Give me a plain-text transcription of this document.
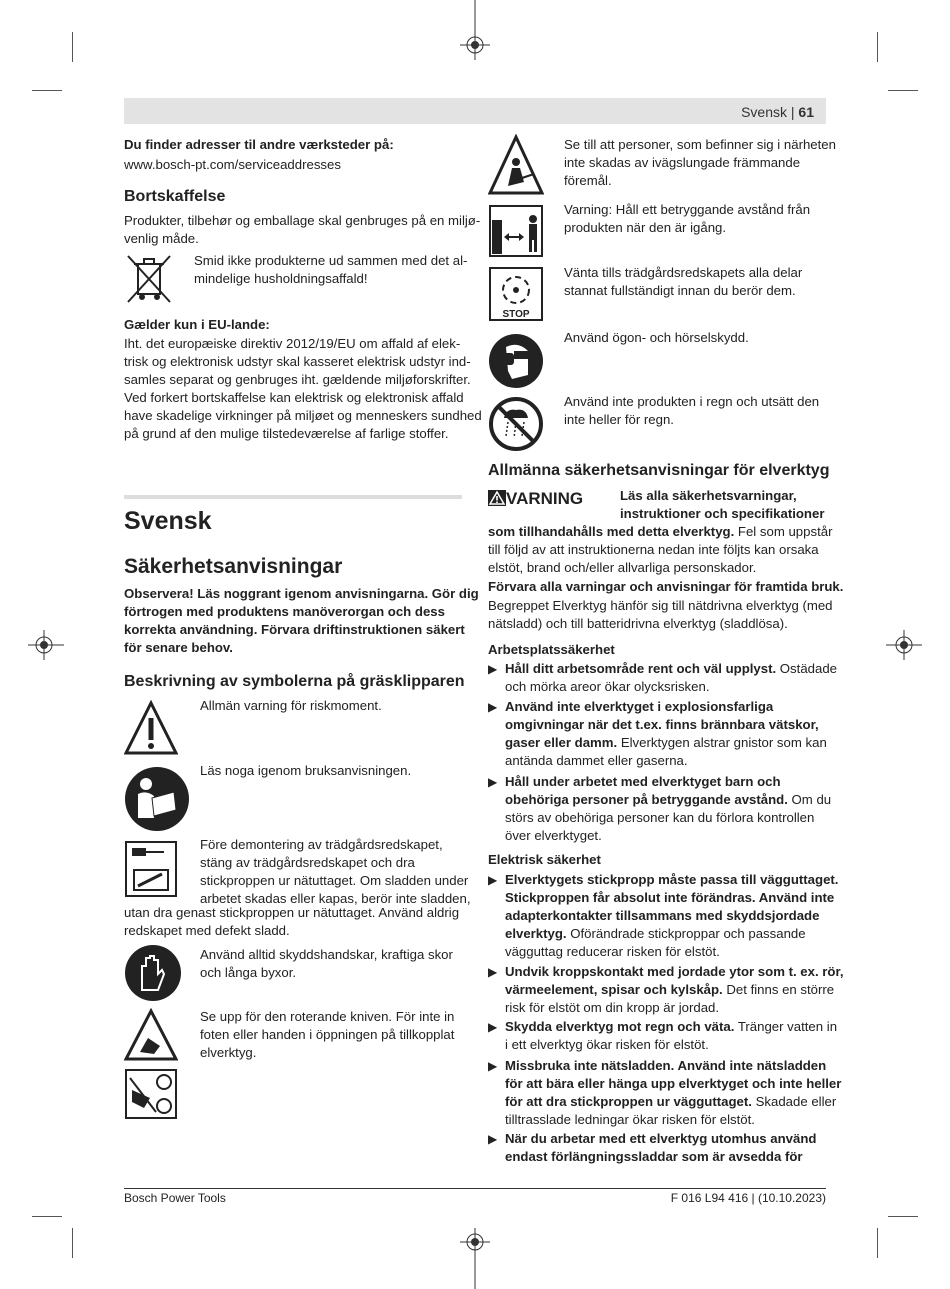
Svensk | 61
Du finder adresser til andre værksteder på:
www.bosch-pt.com/serviceaddresses
Bortskaffelse
Produkter, tilbehør og emballage skal genbruges på en miljø-
venlig måde.
Smid ikke produkterne ud sammen med det al-
mindelige husholdningsaffald!
Gælder kun i EU-lande:
Iht. det europæiske direktiv 2012/19/EU om affald af elek-
trisk og elektronisk udstyr skal kasseret elektrisk udstyr ind-
samles separat og genbruges iht. gældende miljøforskrifter.
Ved forkert bortskaffelse kan elektrisk og elektronisk affald
have skadelige virkninger på miljøet og menneskers sundhed
på grund af den mulige tilstedeværelse af farlige stoffer.
Svensk
Säkerhetsanvisningar
Observera! Läs noggrant igenom anvisningarna. Gör dig
förtrogen med produktens manöverorgan och dess
korrekta användning. Förvara driftinstruktionen säkert
för senare behov.
Beskrivning av symbolerna på gräsklipparen
Allmän varning för riskmoment.
Läs noga igenom bruksanvisningen.
Före demontering av trädgårdsredskapet,
stäng av trädgårdsredskapet och dra
stickproppen ur nätuttaget. Om sladden under
arbetet skadas eller kapas, berör inte sladden,
utan dra genast stickproppen ur nätuttaget. Använd aldrig
redskapet med defekt sladd.
Använd alltid skyddshandskar, kraftiga skor
och långa byxor.
Se upp för den roterande kniven. För inte in
foten eller handen i öppningen på tillkopplat
elverktyg.
Se till att personer, som befinner sig i närheten
inte skadas av ivägslungade främmande
föremål.
Varning: Håll ett betryggande avstånd från
produkten när den är igång.
STOP
Vänta tills trädgårdsredskapets alla delar
stannat fullständigt innan du berör dem.
Använd ögon- och hörselskydd.
Använd inte produkten i regn och utsätt den
inte heller för regn.
Allmänna säkerhetsanvisningar för elverktyg
VARNING	Läs alla säkerhetsvarningar,
instruktioner och specifikationer
som tillhandahålls med detta elverktyg. Fel som uppstår
till följd av att instruktionerna nedan inte följts kan orsaka
elstöt, brand och/eller allvarliga personskador.
Förvara alla varningar och anvisningar för framtida bruk.
Begreppet Elverktyg hänför sig till nätdrivna elverktyg (med
nätsladd) och till batteridrivna elverktyg (sladdlösa).
Arbetsplatssäkerhet
▶ Håll ditt arbetsområde rent och väl upplyst. Ostädade
och mörka areor ökar olycksrisken.
▶ Använd inte elverktyget i explosionsfarliga
omgivningar när det t.ex. finns brännbara vätskor,
gaser eller damm. Elverktygen alstrar gnistor som kan
antända dammet eller gaserna.
▶ Håll under arbetet med elverktyget barn och
obehöriga personer på betryggande avstånd. Om du
störs av obehöriga personer kan du förlora kontrollen
över elverktyget.
Elektrisk säkerhet
▶ Elverktygets stickpropp måste passa till vägguttaget.
Stickproppen får absolut inte förändras. Använd inte
adapterkontakter tillsammans med skyddsjordade
elverktyg. Oförändrade stickproppar och passande
vägguttag reducerar risken för elstöt.
▶ Undvik kroppskontakt med jordade ytor som t. ex. rör,
värmeelement, spisar och kylskåp. Det finns en större
risk för elstöt om din kropp är jordad.
▶ Skydda elverktyg mot regn och väta. Tränger vatten in
i ett elverktyg ökar risken för elstöt.
▶ Missbruka inte nätsladden. Använd inte nätsladden
för att bära eller hänga upp elverktyget och inte heller
för att dra stickproppen ur vägguttaget. Skadade eller
tilltrasslade ledningar ökar risken för elstöt.
▶ När du arbetar med ett elverktyg utomhus använd
endast förlängningssladdar som är avsedda för
Bosch Power Tools	F 016 L94 416 | (10.10.2023)
